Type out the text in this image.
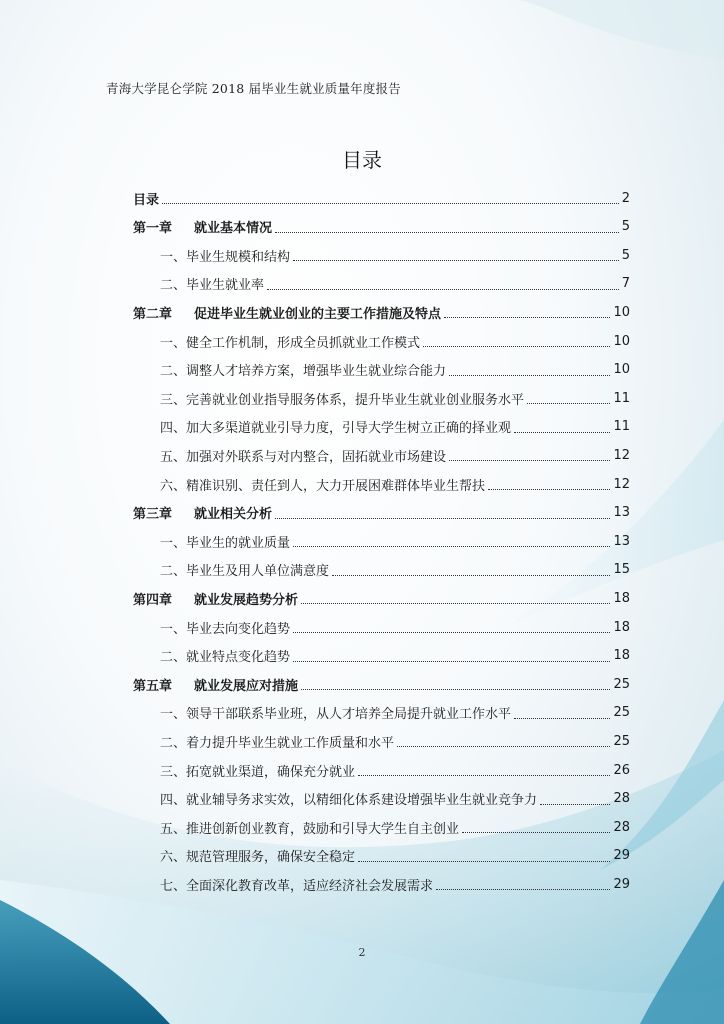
青海大学昆仑学院 2018 届毕业生就业质量年度报告
目录
目录	2
第一章 就业基本情况	5
一、毕业生规模和结构	5
二、毕业生就业率	7
第二章 促进毕业生就业创业的主要工作措施及特点	10
一、健全工作机制，形成全员抓就业工作模式	10
二、调整人才培养方案，增强毕业生就业综合能力	10
三、完善就业创业指导服务体系，提升毕业生就业创业服务水平	11
四、加大多渠道就业引导力度，引导大学生树立正确的择业观	11
五、加强对外联系与对内整合，固拓就业市场建设	12
六、精准识别、责任到人，大力开展困难群体毕业生帮扶	12
第三章 就业相关分析	13
一、毕业生的就业质量	13
二、毕业生及用人单位满意度	15
第四章 就业发展趋势分析	18
一、毕业去向变化趋势	18
二、就业特点变化趋势	18
第五章 就业发展应对措施	25
一、领导干部联系毕业班，从人才培养全局提升就业工作水平	25
二、着力提升毕业生就业工作质量和水平	25
三、拓宽就业渠道，确保充分就业	26
四、就业辅导务求实效，以精细化体系建设增强毕业生就业竞争力	28
五、推进创新创业教育，鼓励和引导大学生自主创业	28
六、规范管理服务，确保安全稳定	29
七、全面深化教育改革，适应经济社会发展需求	29
2
